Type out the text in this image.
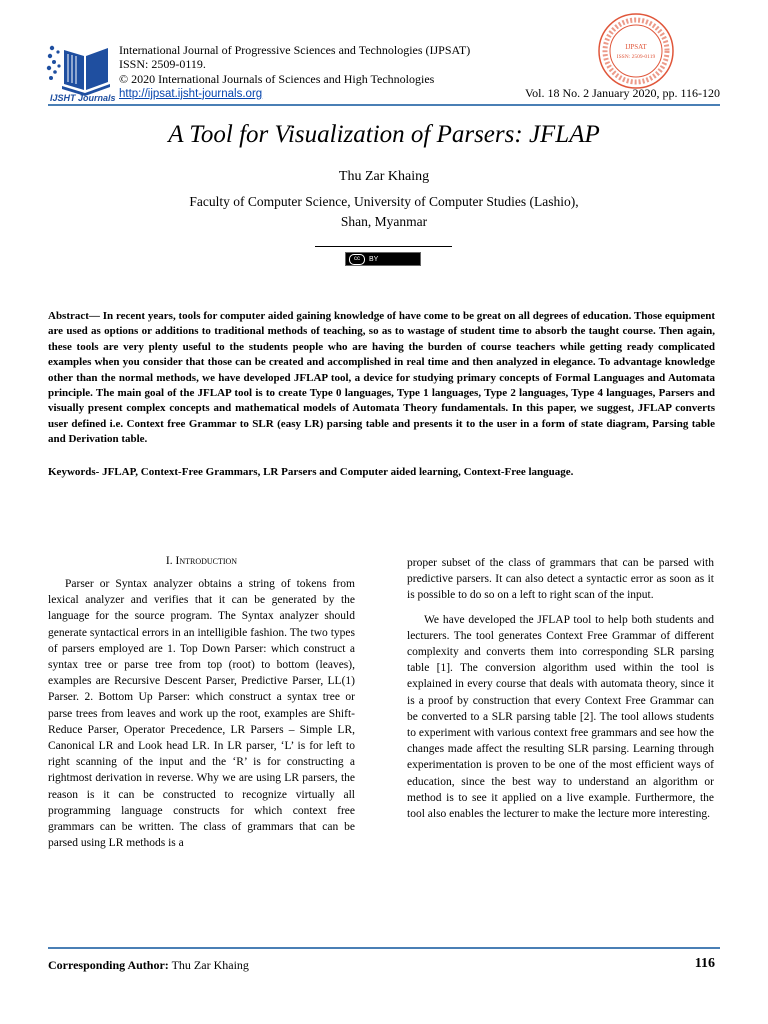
IJSHT Journals
International Journal of Progressive Sciences and Technologies (IJPSAT)
ISSN: 2509-0119.
© 2020 International Journals of Sciences and High Technologies
http://ijpsat.ijsht-journals.org	Vol. 18 No. 2 January 2020, pp. 116-120
IJPSAT
ISSN: 2509-0119
A Tool for Visualization of Parsers: JFLAP
Thu Zar Khaing
Faculty of Computer Science, University of Computer Studies (Lashio),
Shan, Myanmar
cc	BY
Abstract— In recent years, tools for computer aided gaining knowledge of have come to be great on all degrees of education. Those equipment are used as options or additions to traditional methods of teaching, so as to wastage of student time to absorb the taught course. Then again, these tools are very plenty useful to the students people who are having the burden of course teachers while getting ready complicated examples when you consider that those can be created and accomplished in real time and then analyzed in elegance. To advantage knowledge other than the normal methods, we have developed JFLAP tool, a device for studying primary concepts of Formal Languages and Automata principle. The main goal of the JFLAP tool is to create Type 0 languages, Type 1 languages, Type 2 languages, Type 4 languages, Parsers and visually present complex concepts and mathematical models of Automata Theory fundamentals. In this paper, we suggest, JFLAP converts user defined i.e. Context free Grammar to SLR (easy LR) parsing table and presents it to the user in a form of state diagram, Parsing table and Derivation table.
Keywords- JFLAP, Context-Free Grammars, LR Parsers and Computer aided learning, Context-Free language.
I. Introduction

Parser or Syntax analyzer obtains a string of tokens from lexical analyzer and verifies that it can be generated by the language for the source program. The Syntax analyzer should generate syntactical errors in an intelligible fashion. The two types of parsers employed are 1. Top Down Parser: which construct a syntax tree or parse tree from top (root) to bottom (leaves), examples are Recursive Descent Parser, Predictive Parser, LL(1) Parser. 2. Bottom Up Parser: which construct a syntax tree or parse trees from leaves and work up the root, examples are Shift-Reduce Parser, Operator Precedence, LR Parsers – Simple LR, Canonical LR and Look head LR. In LR parser, ‘L’ is for left to right scanning of the input and the ‘R’ is for constructing a rightmost derivation in reverse. Why we are using LR parsers, the reason is it can be constructed to recognize virtually all programming language constructs for which context free grammars can be written. The class of grammars that can be parsed using LR methods is a

proper subset of the class of grammars that can be parsed with predictive parsers. It can also detect a syntactic error as soon as it is possible to do so on a left to right scan of the input.

We have developed the JFLAP tool to help both students and lecturers. The tool generates Context Free Grammar of different complexity and converts them into corresponding SLR parsing table [1]. The conversion algorithm used within the tool is explained in every course that deals with automata theory, since it is a proof by construction that every Context Free Grammar can be converted to a SLR parsing table [2]. The tool allows students to experiment with various context free grammars and see how the changes made affect the resulting SLR parsing. Learning through experimentation is proven to be one of the most efficient ways of education, since the best way to understand an algorithm or method is to see it applied on a live example. Furthermore, the tool also enables the lecturer to make the lecture more interesting.

Corresponding Author: Thu Zar Khaing	116
